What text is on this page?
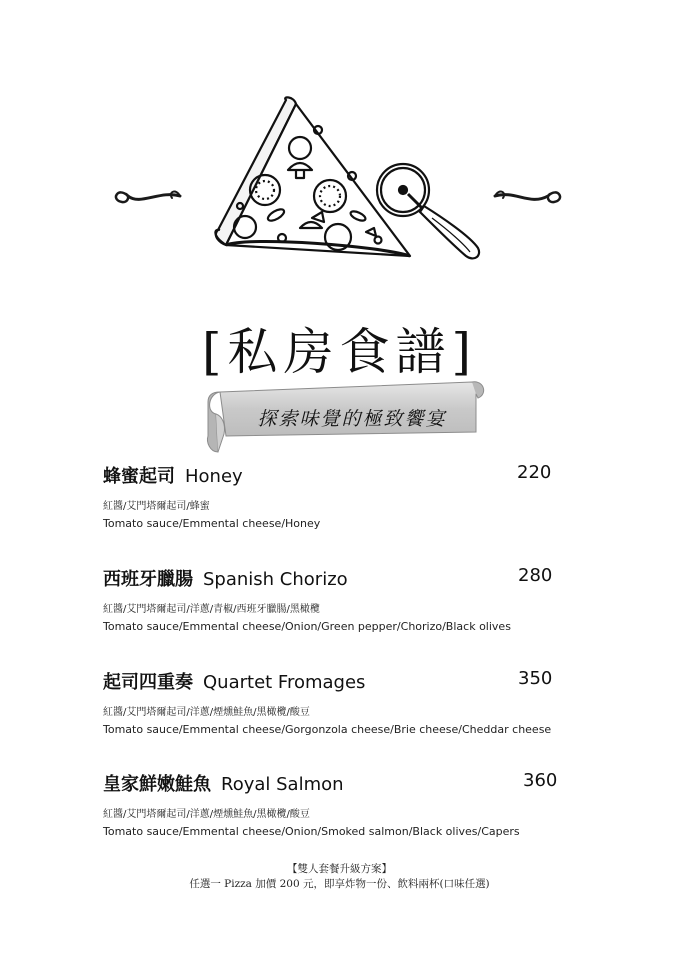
[私房食譜]
探索味覺的極致饗宴
蜂蜜起司 Honey	220
紅醬/艾門塔爾起司/蜂蜜
Tomato sauce/Emmental cheese/Honey
西班牙臘腸 Spanish Chorizo	280
紅醬/艾門塔爾起司/洋蔥/青椒/西班牙臘腸/黑橄欖
Tomato sauce/Emmental cheese/Onion/Green pepper/Chorizo/Black olives
起司四重奏 Quartet Fromages	350
紅醬/艾門塔爾起司/洋蔥/煙燻鮭魚/黑橄欖/酸豆
Tomato sauce/Emmental cheese/Gorgonzola cheese/Brie cheese/Cheddar cheese
皇家鮮嫩鮭魚 Royal Salmon	360
紅醬/艾門塔爾起司/洋蔥/煙燻鮭魚/黑橄欖/酸豆
Tomato sauce/Emmental cheese/Onion/Smoked salmon/Black olives/Capers
【雙人套餐升級方案】
任選一 Pizza 加價 200 元，即享炸物一份、飲料兩杯(口味任選)
